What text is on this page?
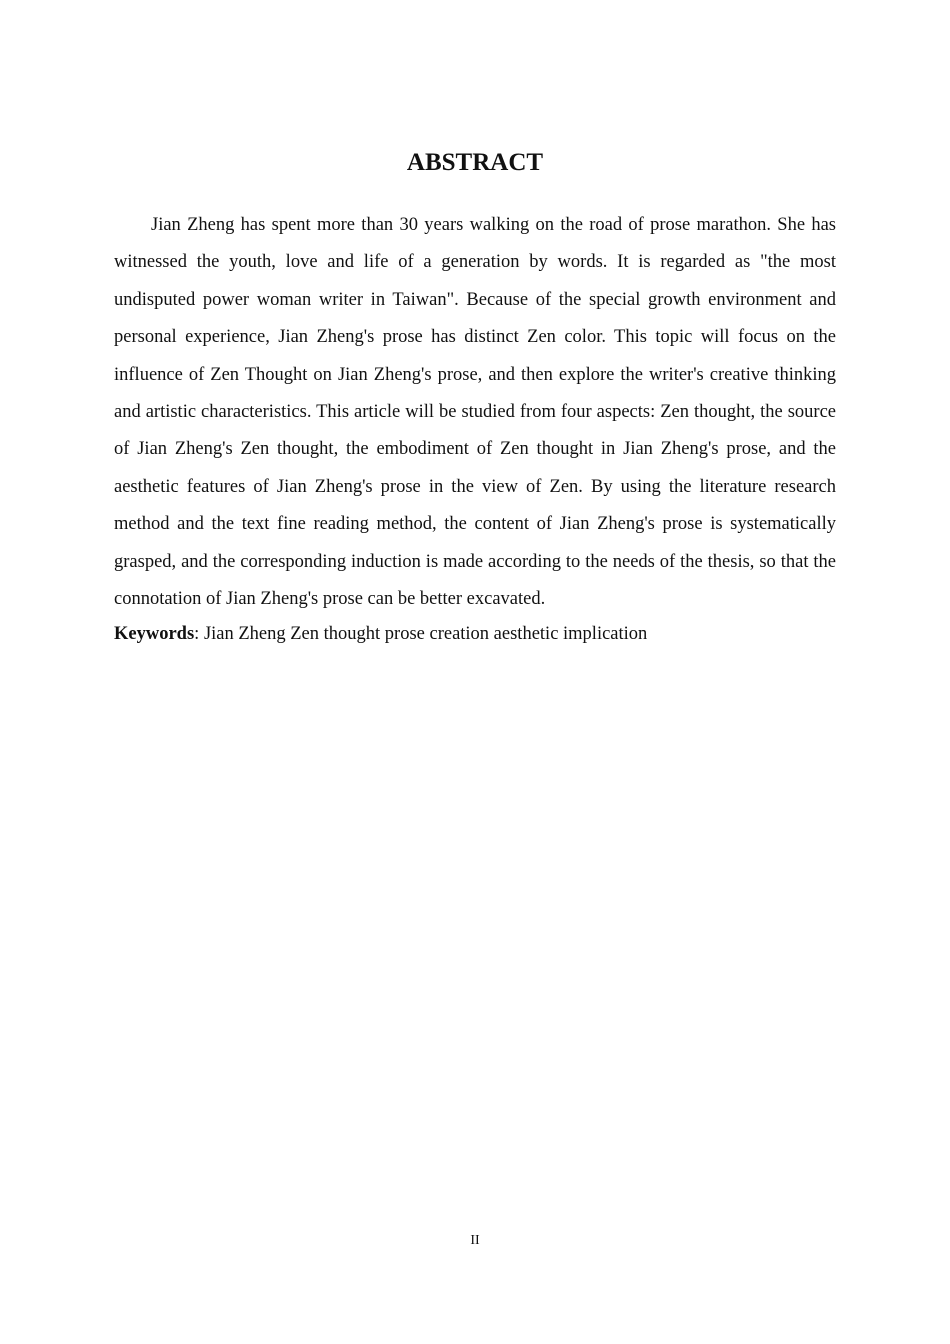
ABSTRACT

Jian Zheng has spent more than 30 years walking on the road of prose marathon. She has witnessed the youth, love and life of a generation by words. It is regarded as "the most undisputed power woman writer in Taiwan". Because of the special growth environment and personal experience, Jian Zheng's prose has distinct Zen color. This topic will focus on the influence of Zen Thought on Jian Zheng's prose, and then explore the writer's creative thinking and artistic characteristics. This article will be studied from four aspects: Zen thought, the source of Jian Zheng's Zen thought, the embodiment of Zen thought in Jian Zheng's prose, and the aesthetic features of Jian Zheng's prose in the view of Zen. By using the literature research method and the text fine reading method, the content of Jian Zheng's prose is systematically grasped, and the corresponding induction is made according to the needs of the thesis, so that the connotation of Jian Zheng's prose can be better excavated.

Keywords: Jian Zheng Zen thought prose creation aesthetic implication

II
